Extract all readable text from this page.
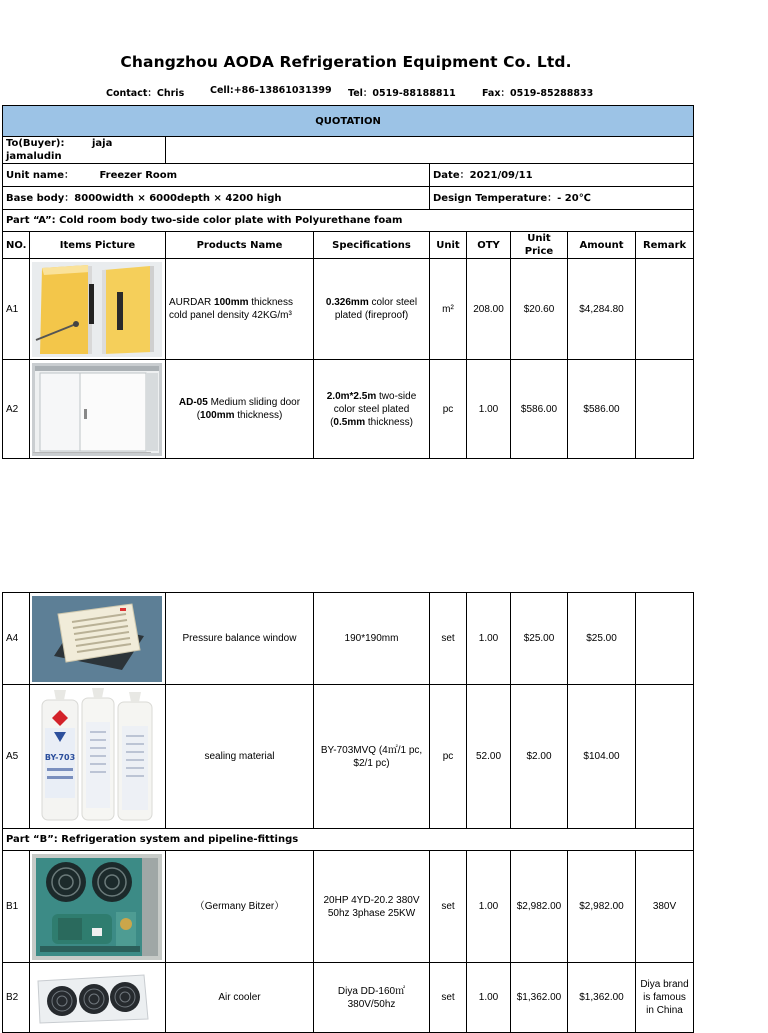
Changzhou AODA Refrigeration Equipment Co. Ltd.
Contact：Chris	Cell:+86-13861031399 Tel：0519-88188811	Fax：0519-85288833
QUOTATION								
To(Buyer): jaja jamaludin								
Unit name： Freezer Room				Date：2021/09/11				
Base body：8000width × 6000depth × 4200 high				Design Temperature：- 20℃				
Part “A”: Cold room body two-side color plate with Polyurethane foam								
NO.	Items Picture	Products Name	Specifications	Unit	OTY	Unit Price	Amount	Remark
A1		AURDAR 100mm thickness cold panel density 42KG/m³	0.326mm color steel plated (fireproof)	m²	208.00	$20.60	$4,284.80	
A2		AD-05 Medium sliding door (100mm thickness)	2.0m*2.5m two-side color steel plated (0.5mm thickness)	pc	1.00	$586.00	$586.00	
A4		Pressure balance window	190*190mm	set	1.00	$25.00	$25.00	
A5	BY-703	sealing material	BY-703MVQ (4㎡/1 pc, $2/1 pc)	pc	52.00	$2.00	$104.00	
Part “B”: Refrigeration system and pipeline-fittings								
B1		（Germany Bitzer）	20HP 4YD-20.2 380V 50hz 3phase 25KW	set	1.00	$2,982.00	$2,982.00	380V
B2		Air cooler	Diya DD-160㎡ 380V/50hz	set	1.00	$1,362.00	$1,362.00	Diya brand is famous in China
